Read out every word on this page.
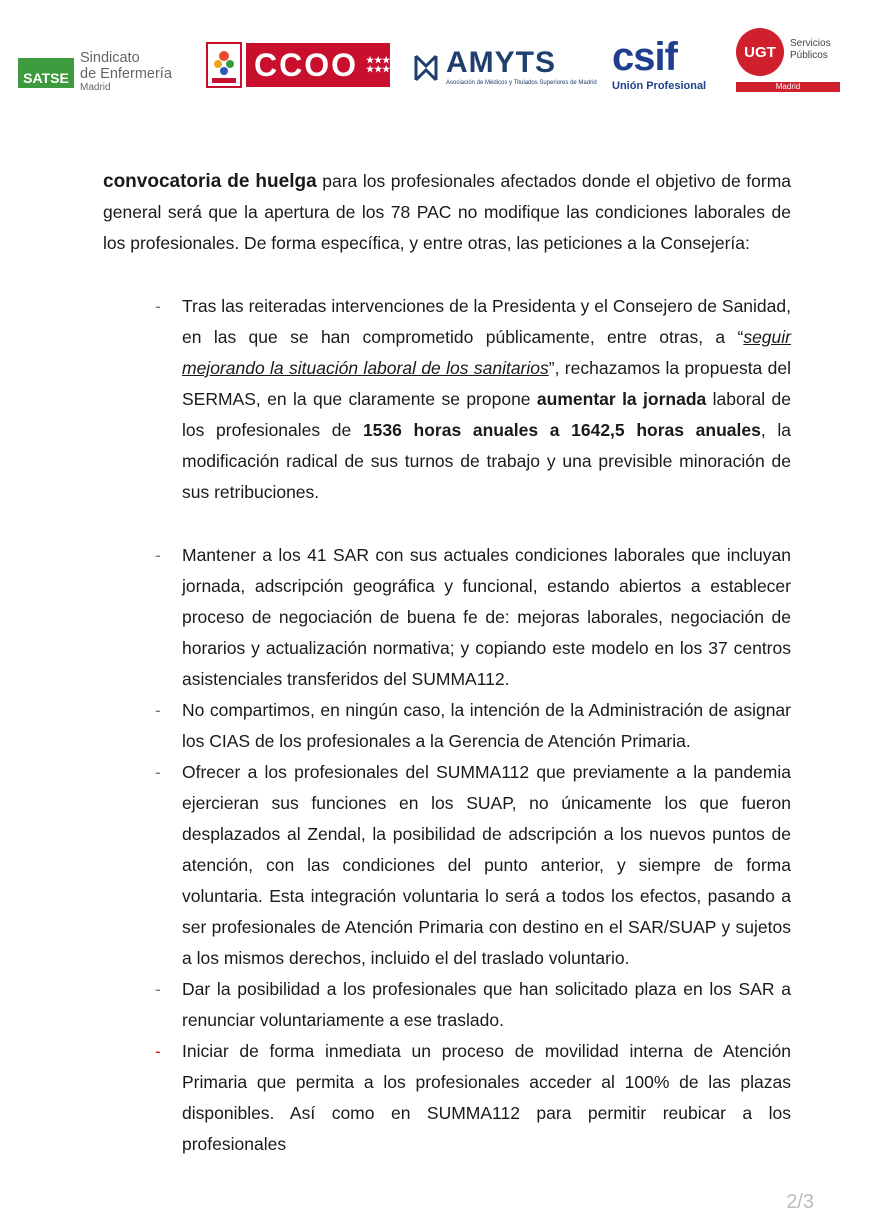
SATSE
Sindicato
de Enfermería
Madrid
CCOO ★★★★ ★★★ AMYTS
Asociación de Médicos y Titulados Superiores de Madrid
csif
Unión Profesional
UGT	Servicios
Públicos
Madrid

convocatoria de huelga para los profesionales afectados donde el objetivo de forma general será que la apertura de los 78 PAC no modifique las condiciones laborales de los profesionales. De forma específica, y entre otras, las peticiones a la Consejería:

- Tras las reiteradas intervenciones de la Presidenta y el Consejero de Sanidad, en las que se han comprometido públicamente, entre otras, a “seguir mejorando la situación laboral de los sanitarios”, rechazamos la propuesta del SERMAS, en la que claramente se propone aumentar la jornada laboral de los profesionales de 1536 horas anuales a 1642,5 horas anuales, la modificación radical de sus turnos de trabajo y una previsible minoración de sus retribuciones.
- Mantener a los 41 SAR con sus actuales condiciones laborales que incluyan jornada, adscripción geográfica y funcional, estando abiertos a establecer proceso de negociación de buena fe de: mejoras laborales, negociación de horarios y actualización normativa; y copiando este modelo en los 37 centros asistenciales transferidos del SUMMA112.
- No compartimos, en ningún caso, la intención de la Administración de asignar los CIAS de los profesionales a la Gerencia de Atención Primaria.
- Ofrecer a los profesionales del SUMMA112 que previamente a la pandemia ejercieran sus funciones en los SUAP, no únicamente los que fueron desplazados al Zendal, la posibilidad de adscripción a los nuevos puntos de atención, con las condiciones del punto anterior, y siempre de forma voluntaria. Esta integración voluntaria lo será a todos los efectos, pasando a ser profesionales de Atención Primaria con destino en el SAR/SUAP y sujetos a los mismos derechos, incluido el del traslado voluntario.
- Dar la posibilidad a los profesionales que han solicitado plaza en los SAR a renunciar voluntariamente a ese traslado.
- Iniciar de forma inmediata un proceso de movilidad interna de Atención Primaria que permita a los profesionales acceder al 100% de las plazas disponibles. Así como en SUMMA112 para permitir reubicar a los profesionales
2/3
